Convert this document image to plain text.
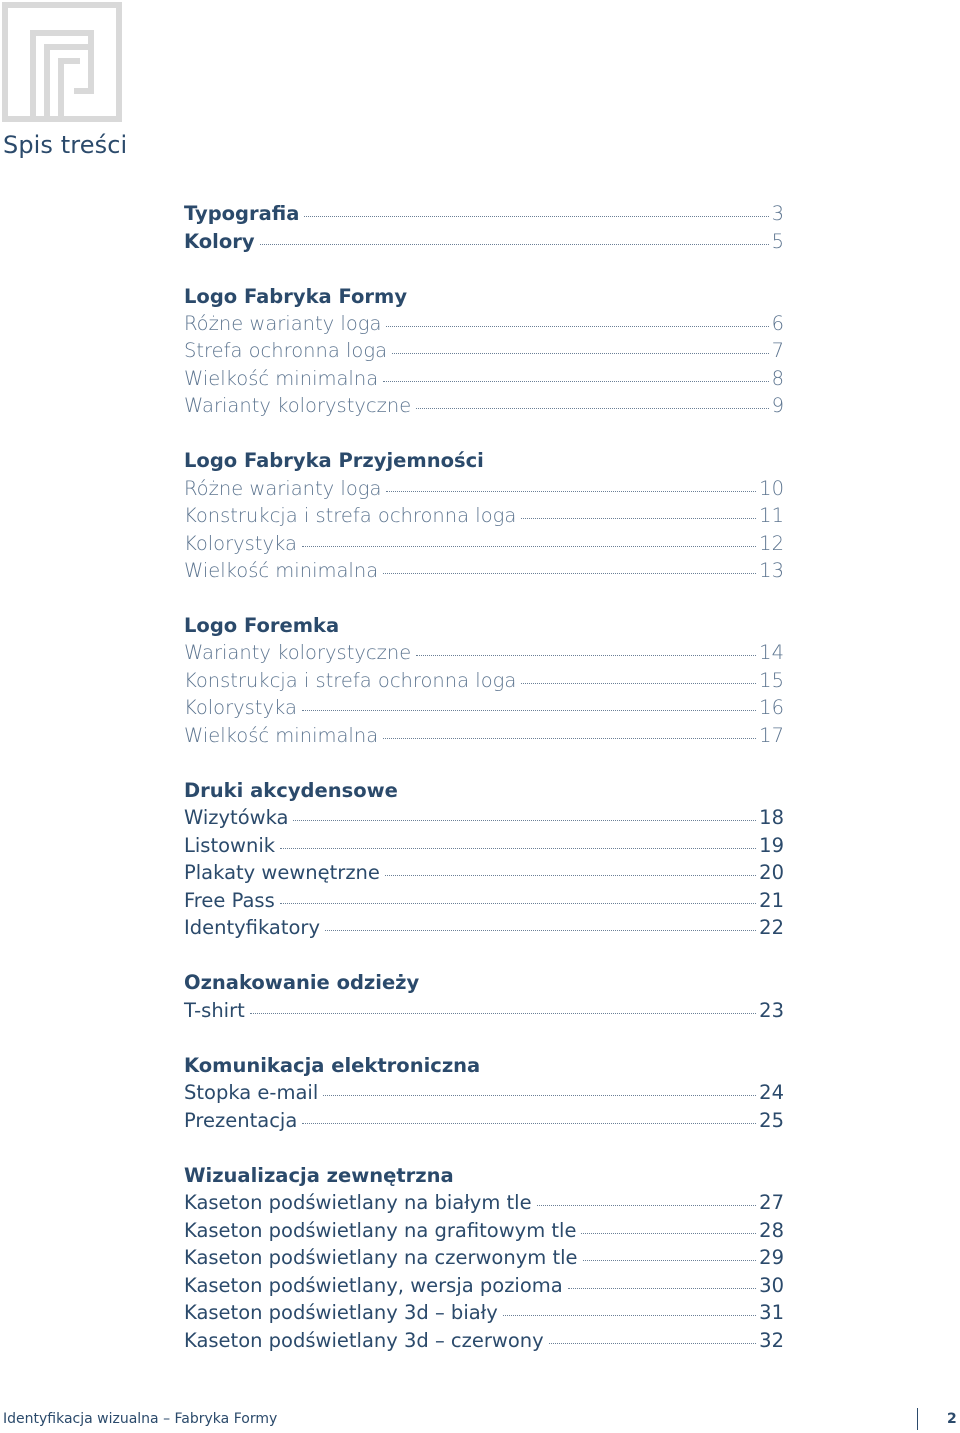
Spis treści
Typografia	3
Kolory	5
Logo Fabryka Formy
Różne warianty loga	6
Strefa ochronna loga	7
Wielkość minimalna	8
Warianty kolorystyczne	9
Logo Fabryka Przyjemności
Różne warianty loga	10
Konstrukcja i strefa ochronna loga	11
Kolorystyka	12
Wielkość minimalna	13
Logo Foremka
Warianty kolorystyczne	14
Konstrukcja i strefa ochronna loga	15
Kolorystyka	16
Wielkość minimalna	17
Druki akcydensowe
Wizytówka	18
Listownik	19
Plakaty wewnętrzne	20
Free Pass	21
Identyfikatory	22
Oznakowanie odzieży
T-shirt	23
Komunikacja elektroniczna
Stopka e-mail	24
Prezentacja	25
Wizualizacja zewnętrzna
Kaseton podświetlany na białym tle	27
Kaseton podświetlany na grafitowym tle	28
Kaseton podświetlany na czerwonym tle	29
Kaseton podświetlany, wersja pozioma	30
Kaseton podświetlany 3d – biały	31
Kaseton podświetlany 3d – czerwony	32
Identyfikacja wizualna – Fabryka Formy	2
